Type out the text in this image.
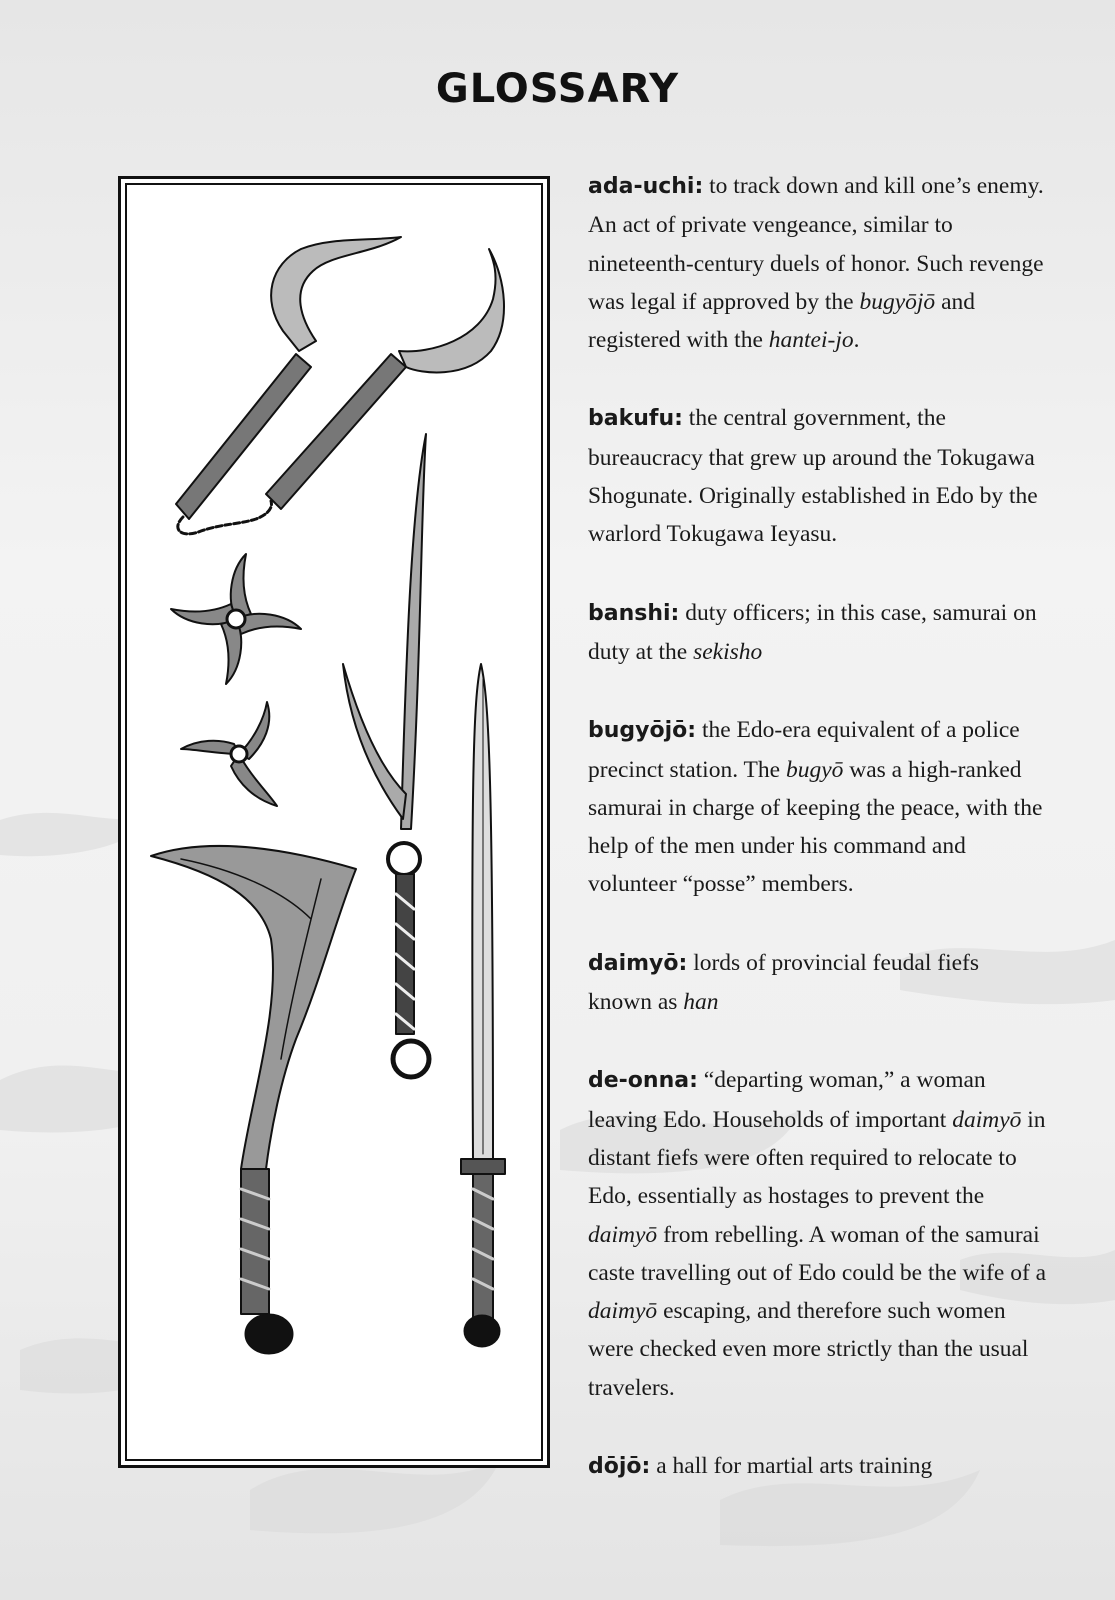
GLOSSARY
ada-uchi: to track down and kill one’s enemy. An act of private vengeance, similar to nineteenth-century duels of honor. Such revenge was legal if approved by the bugyōjō and registered with the hantei-jo.
bakufu: the central government, the bureaucracy that grew up around the Tokugawa Shogunate. Originally established in Edo by the warlord Tokugawa Ieyasu.
banshi: duty officers; in this case, samurai on duty at the sekisho
bugyōjō: the Edo-era equivalent of a police precinct station. The bugyō was a high-ranked samurai in charge of keeping the peace, with the help of the men under his command and volunteer “posse” members.
daimyō: lords of provincial feudal fiefs known as han
de-onna: “departing woman,” a woman leaving Edo. Households of important daimyō in distant fiefs were often required to relocate to Edo, essentially as hostages to prevent the daimyō from rebelling. A woman of the samurai caste travelling out of Edo could be the wife of a daimyō escaping, and therefore such women were checked even more strictly than the usual travelers.
dōjō: a hall for martial arts training
